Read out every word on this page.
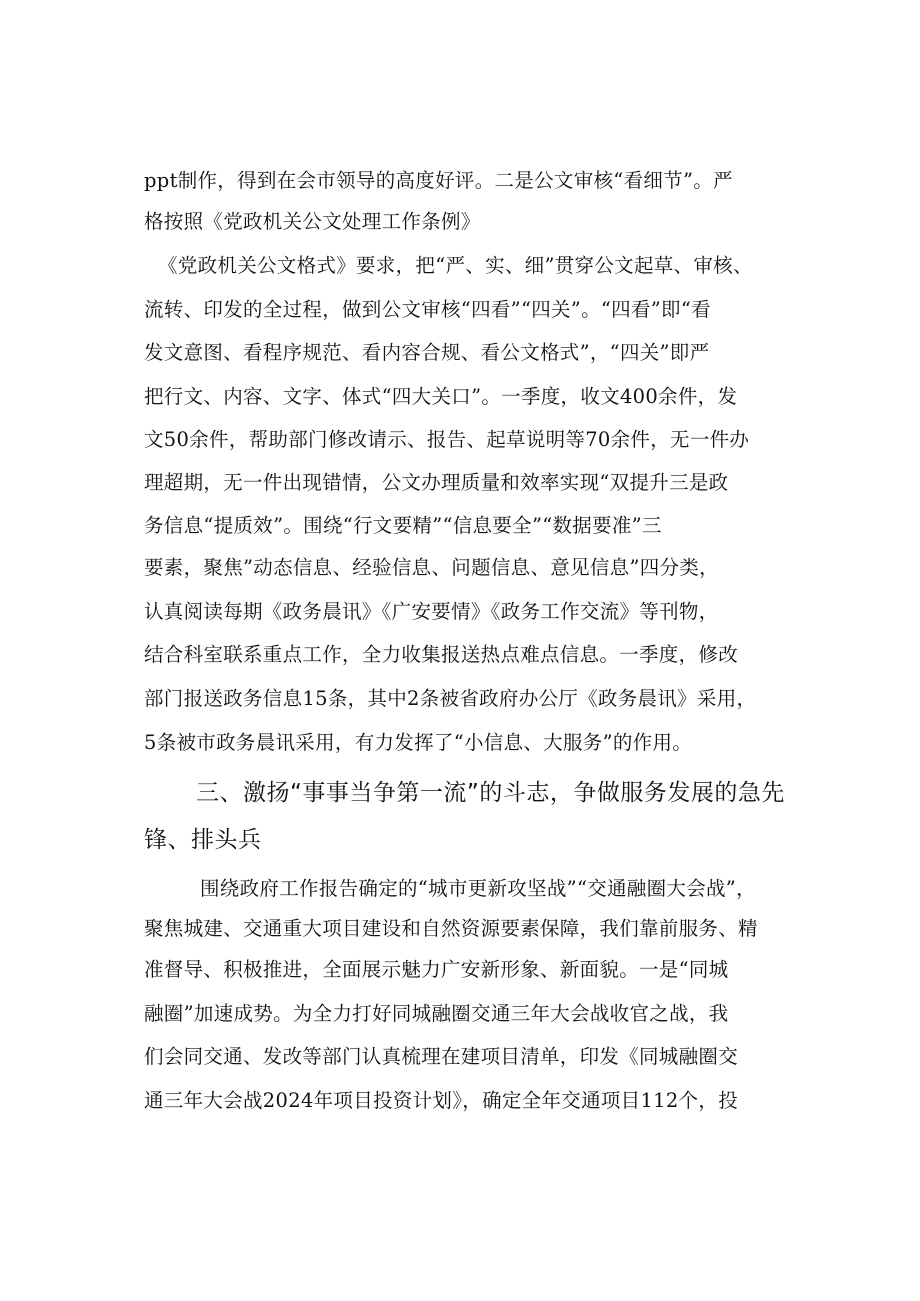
ppt制作，得到在会市领导的高度好评。二是公文审核“看细节”。严
格按照《党政机关公文处理工作条例》
《党政机关公文格式》要求，把“严、实、细”贯穿公文起草、审核、
流转、印发的全过程，做到公文审核“四看”“四关”。“四看”即“看
发文意图、看程序规范、看内容合规、看公文格式”，“四关”即严
把行文、内容、文字、体式“四大关口”。一季度，收文400余件，发
文50余件，帮助部门修改请示、报告、起草说明等70余件，无一件办
理超期，无一件出现错情，公文办理质量和效率实现“双提升三是政
务信息“提质效”。围绕“行文要精”“信息要全”“数据要准”三
要素，聚焦”动态信息、经验信息、问题信息、意见信息”四分类，
认真阅读每期《政务晨讯》《广安要情》《政务工作交流》等刊物，
结合科室联系重点工作，全力收集报送热点难点信息。一季度，修改
部门报送政务信息15条，其中2条被省政府办公厅《政务晨讯》采用，
5条被市政务晨讯采用，有力发挥了“小信息、大服务”的作用。
三、激扬“事事当争第一流”的斗志，争做服务发展的急先
锋、排头兵
围绕政府工作报告确定的“城市更新攻坚战”“交通融圈大会战”，
聚焦城建、交通重大项目建设和自然资源要素保障，我们靠前服务、精
准督导、积极推进，全面展示魅力广安新形象、新面貌。一是“同城
融圈”加速成势。为全力打好同城融圈交通三年大会战收官之战，我
们会同交通、发改等部门认真梳理在建项目清单，印发《同城融圈交
通三年大会战2024年项目投资计划》，确定全年交通项目112个，投
